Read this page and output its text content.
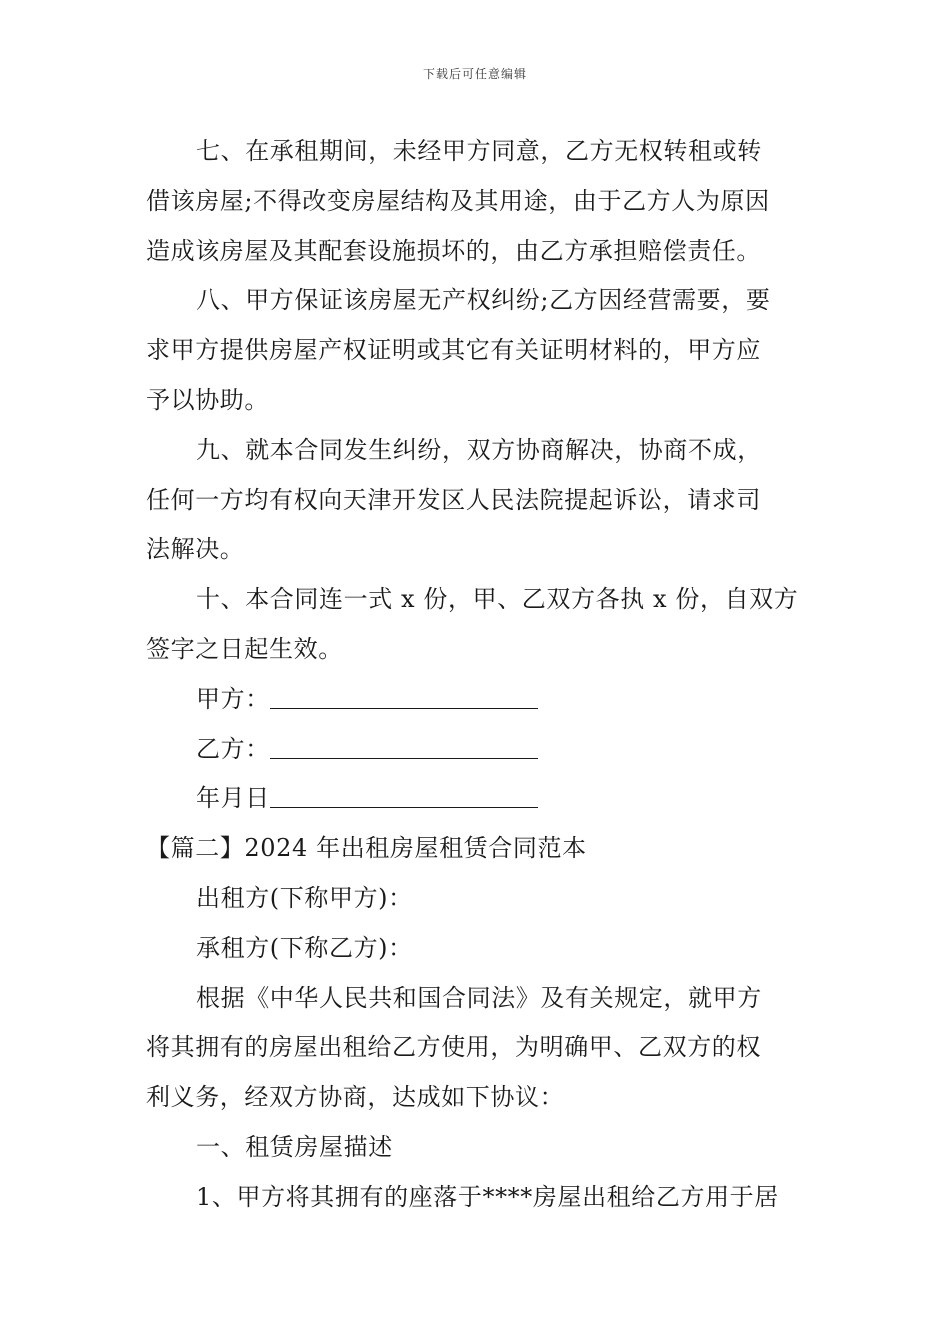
下载后可任意编辑
七、在承租期间，未经甲方同意，乙方无权转租或转
借该房屋;不得改变房屋结构及其用途，由于乙方人为原因
造成该房屋及其配套设施损坏的，由乙方承担赔偿责任。
八、甲方保证该房屋无产权纠纷;乙方因经营需要，要
求甲方提供房屋产权证明或其它有关证明材料的，甲方应
予以协助。
九、就本合同发生纠纷，双方协商解决，协商不成，
任何一方均有权向天津开发区人民法院提起诉讼，请求司
法解决。
十、本合同连一式 x 份，甲、乙双方各执 x 份，自双方
签字之日起生效。
甲方：
乙方：
年月日
【篇二】2024 年出租房屋租赁合同范本
出租方(下称甲方)：
承租方(下称乙方)：
根据《中华人民共和国合同法》及有关规定，就甲方
将其拥有的房屋出租给乙方使用，为明确甲、乙双方的权
利义务，经双方协商，达成如下协议：
一、租赁房屋描述
1、甲方将其拥有的座落于****房屋出租给乙方用于居
